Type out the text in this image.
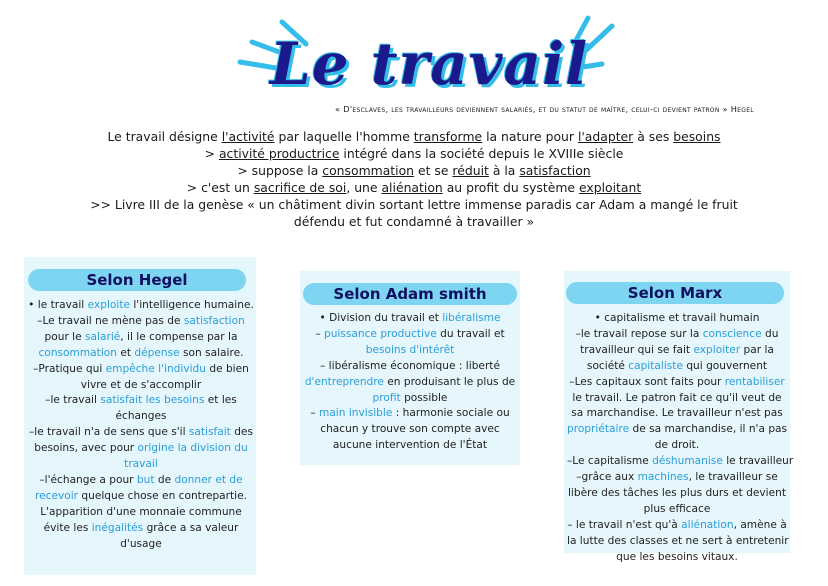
Le travail
« D'esclaves, les travailleurs deviennent salariés, et du statut de maître, celui-ci devient patron » Hegel
Le travail désigne l'activité par laquelle l'homme transforme la nature pour l'adapter à ses besoins
> activité productrice intégré dans la société depuis le XVIIIe siècle
> suppose la consommation et se réduit à la satisfaction
> c'est un sacrifice de soi, une aliénation au profit du système exploitant
>> Livre III de la genèse « un châtiment divin sortant lettre immense paradis car Adam a mangé le fruit
défendu et fut condamné à travailler »
Selon Hegel
• le travail exploite l'intelligence humaine.
–Le travail ne mène pas de satisfaction
pour le salarié, il le compense par la
consommation et dépense son salaire.
–Pratique qui empêche l'individu de bien
vivre et de s'accomplir
–le travail satisfait les besoins et les
échanges
–le travail n'a de sens que s'il satisfait des
besoins, avec pour origine la division du
travail
–l'échange a pour but de donner et de
recevoir quelque chose en contrepartie.
L'apparition d'une monnaie commune
évite les inégalités grâce a sa valeur
d'usage
Selon Adam smith
• Division du travail et libéralisme
– puissance productive du travail et
besoins d'intérêt
– libéralisme économique : liberté
d'entreprendre en produisant le plus de
profit possible
– main invisible : harmonie sociale ou
chacun y trouve son compte avec
aucune intervention de l'État
Selon Marx
• capitalisme et travail humain
–le travail repose sur la conscience du
travailleur qui se fait exploiter par la
société capitaliste qui gouvernent
–Les capitaux sont faits pour rentabiliser
le travail. Le patron fait ce qu'il veut de
sa marchandise. Le travailleur n'est pas
propriétaire de sa marchandise, il n'a pas
de droit.
–Le capitalisme déshumanise le travailleur
–grâce aux machines, le travailleur se
libère des tâches les plus durs et devient
plus efficace
– le travail n'est qu'à aliénation, amène à
la lutte des classes et ne sert à entretenir
que les besoins vitaux.
